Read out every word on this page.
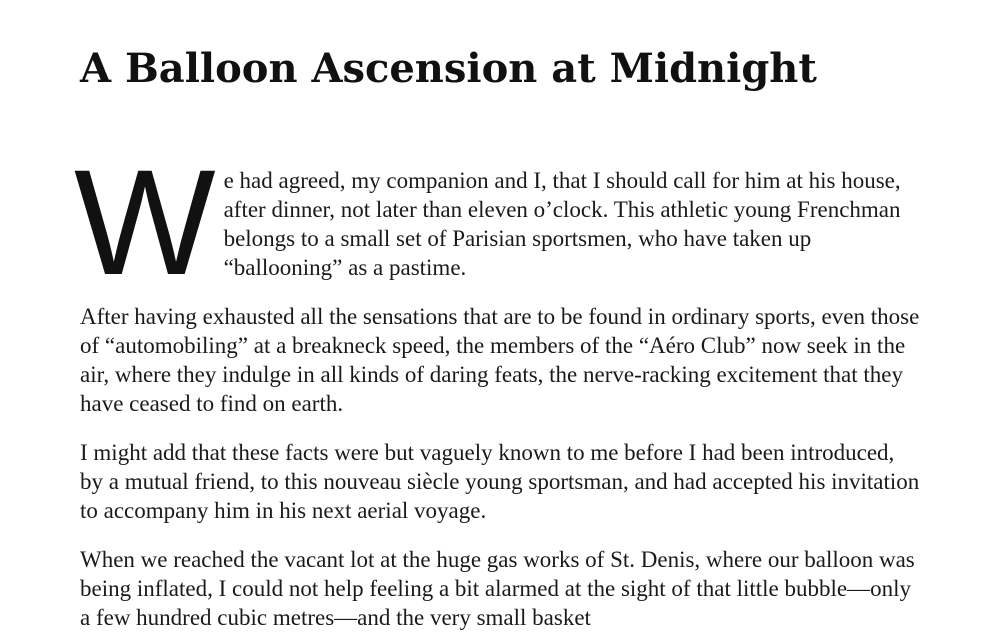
A Balloon Ascension at Midnight

We had agreed, my companion and I, that I should call for him at his house, after dinner, not later than eleven o’clock. This athletic young Frenchman belongs to a small set of Parisian sportsmen, who have taken up “ballooning” as a pastime.

After having exhausted all the sensations that are to be found in ordinary sports, even those of “automobiling” at a breakneck speed, the members of the “Aéro Club” now seek in the air, where they indulge in all kinds of daring feats, the nerve-racking excitement that they have ceased to find on earth.

I might add that these facts were but vaguely known to me before I had been introduced, by a mutual friend, to this nouveau siècle young sportsman, and had accepted his invitation to accompany him in his next aerial voyage.

When we reached the vacant lot at the huge gas works of St. Denis, where our balloon was being inflated, I could not help feeling a bit alarmed at the sight of that little bubble—only a few hundred cubic metres—and the very small basket
